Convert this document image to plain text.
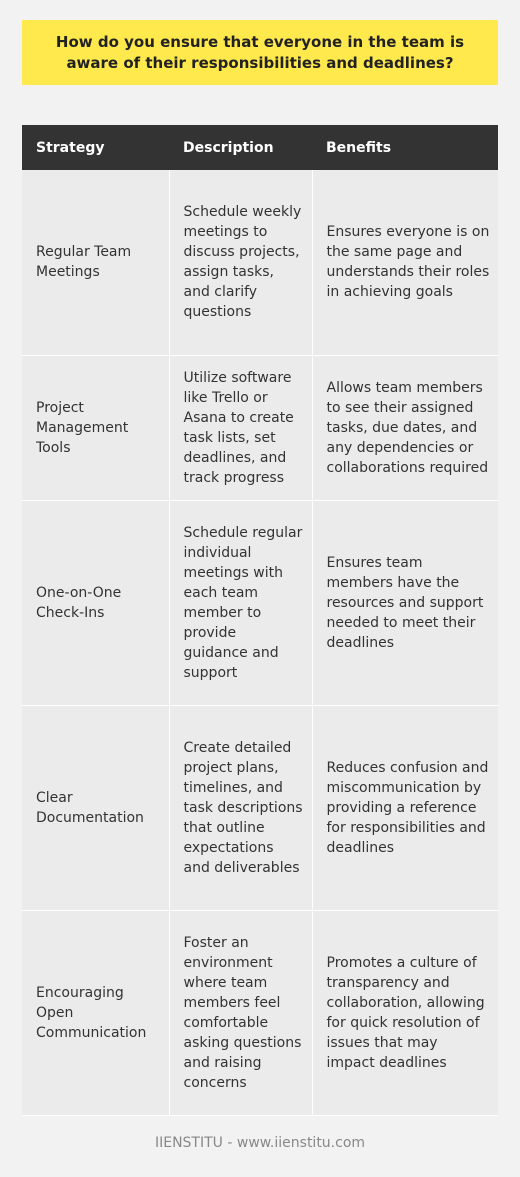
How do you ensure that everyone in the team is aware of their responsibilities and deadlines?
Strategy	Description	Benefits
Regular Team Meetings	Schedule weekly meetings to discuss projects, assign tasks, and clarify questions	Ensures everyone is on the same page and understands their roles in achieving goals
Project Management Tools	Utilize software like Trello or Asana to create task lists, set deadlines, and track progress	Allows team members to see their assigned tasks, due dates, and any dependencies or collaborations required
One-on-One Check-Ins	Schedule regular individual meetings with each team member to provide guidance and support	Ensures team members have the resources and support needed to meet their deadlines
Clear Documentation	Create detailed project plans, timelines, and task descriptions that outline expectations and deliverables	Reduces confusion and miscommunication by providing a reference for responsibilities and deadlines
Encouraging Open Communication	Foster an environment where team members feel comfortable asking questions and raising concerns	Promotes a culture of transparency and collaboration, allowing for quick resolution of issues that may impact deadlines
IIENSTITU - www.iienstitu.com
